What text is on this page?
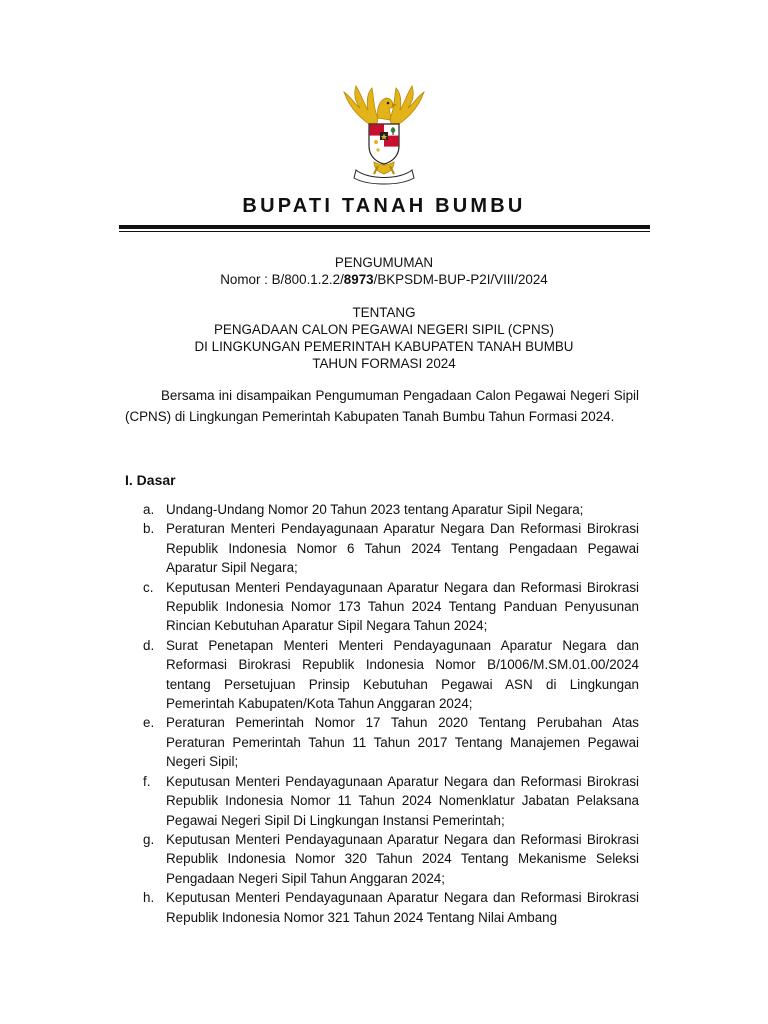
BUPATI TANAH BUMBU
PENGUMUMAN
Nomor : B/800.1.2.2/8973/BKPSDM-BUP-P2I/VIII/2024
TENTANG
PENGADAAN CALON PEGAWAI NEGERI SIPIL (CPNS)
DI LINGKUNGAN PEMERINTAH KABUPATEN TANAH BUMBU
TAHUN FORMASI 2024

Bersama ini disampaikan Pengumuman Pengadaan Calon Pegawai Negeri Sipil (CPNS) di Lingkungan Pemerintah Kabupaten Tanah Bumbu Tahun Formasi 2024.

I. Dasar
a. Undang-Undang Nomor 20 Tahun 2023 tentang Aparatur Sipil Negara;
b. Peraturan Menteri Pendayagunaan Aparatur Negara Dan Reformasi Birokrasi Republik Indonesia Nomor 6 Tahun 2024 Tentang Pengadaan Pegawai Aparatur Sipil Negara;
c. Keputusan Menteri Pendayagunaan Aparatur Negara dan Reformasi Birokrasi Republik Indonesia Nomor 173 Tahun 2024 Tentang Panduan Penyusunan Rincian Kebutuhan Aparatur Sipil Negara Tahun 2024;
d. Surat Penetapan Menteri Menteri Pendayagunaan Aparatur Negara dan Reformasi Birokrasi Republik Indonesia Nomor B/1006/M.SM.01.00/2024 tentang Persetujuan Prinsip Kebutuhan Pegawai ASN di Lingkungan Pemerintah Kabupaten/Kota Tahun Anggaran 2024;
e. Peraturan Pemerintah Nomor 17 Tahun 2020 Tentang Perubahan Atas Peraturan Pemerintah Tahun 11 Tahun 2017 Tentang Manajemen Pegawai Negeri Sipil;
f. Keputusan Menteri Pendayagunaan Aparatur Negara dan Reformasi Birokrasi Republik Indonesia Nomor 11 Tahun 2024 Nomenklatur Jabatan Pelaksana Pegawai Negeri Sipil Di Lingkungan Instansi Pemerintah;
g. Keputusan Menteri Pendayagunaan Aparatur Negara dan Reformasi Birokrasi Republik Indonesia Nomor 320 Tahun 2024 Tentang Mekanisme Seleksi Pengadaan Negeri Sipil Tahun Anggaran 2024;
h. Keputusan Menteri Pendayagunaan Aparatur Negara dan Reformasi Birokrasi Republik Indonesia Nomor 321 Tahun 2024 Tentang Nilai Ambang
